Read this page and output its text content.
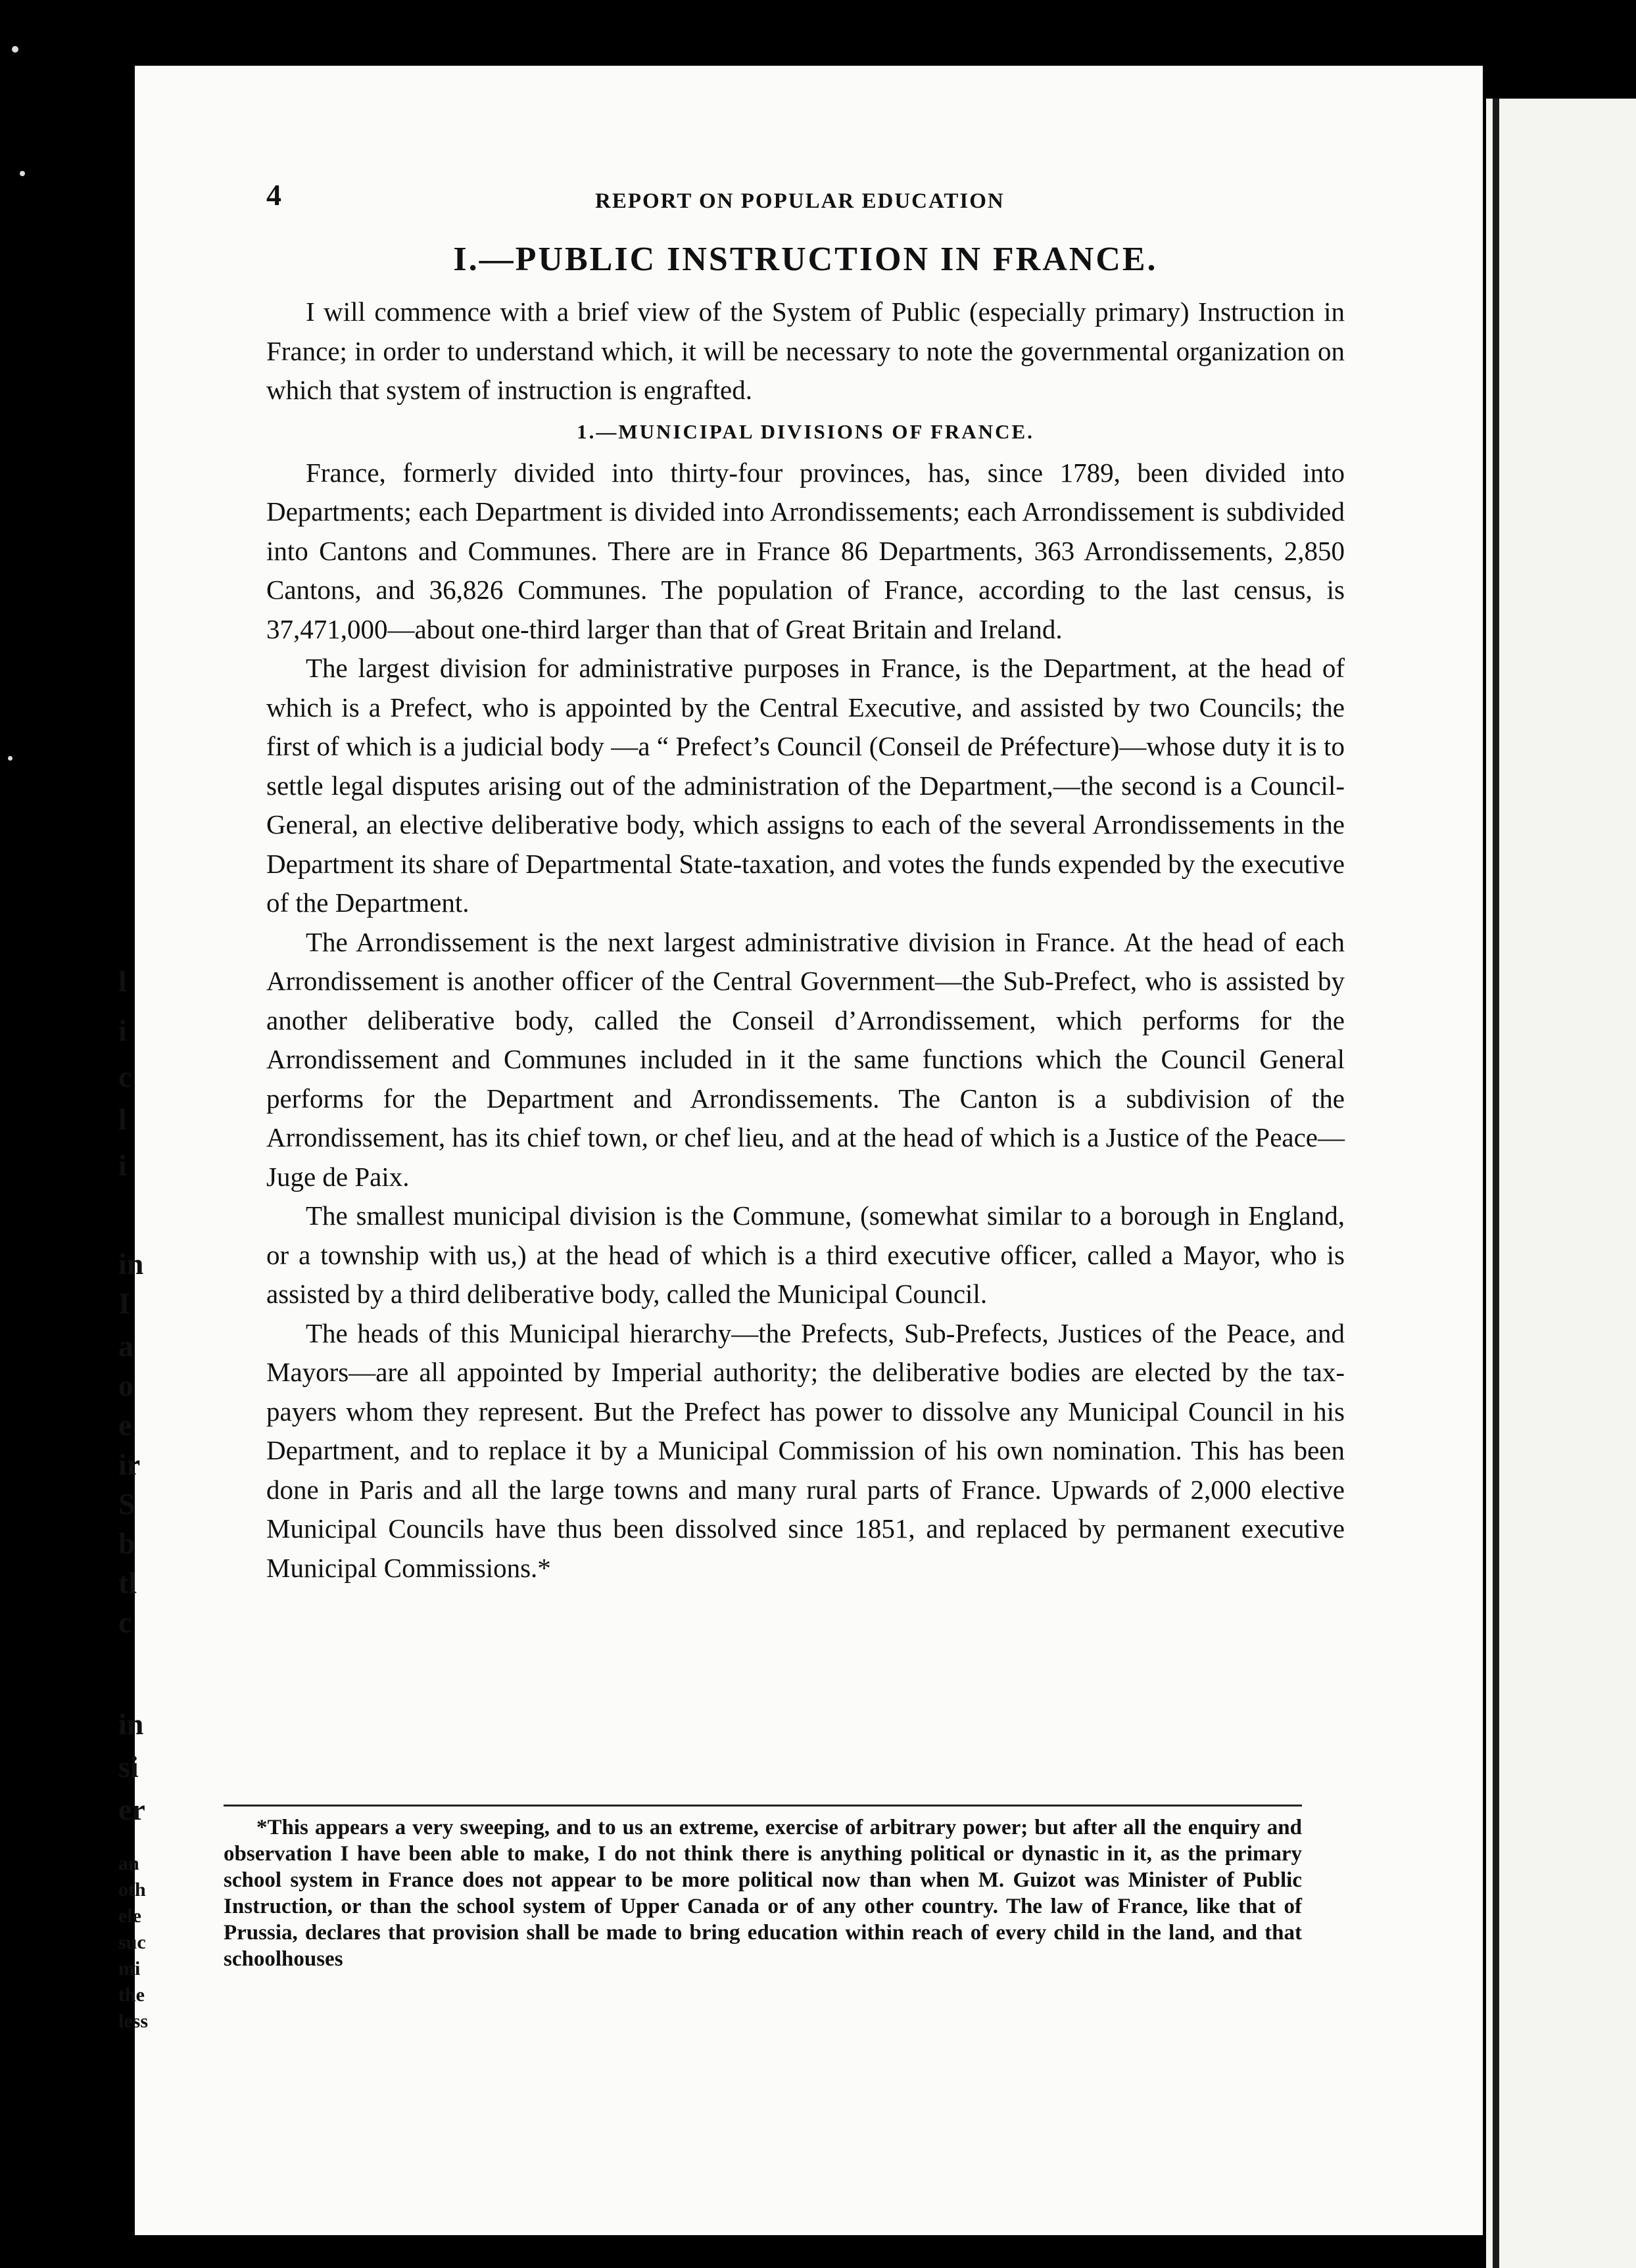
l
i
c
l
i
in
I
a
o
e
ir
S
b
tl
c
in
si
er
an
oth
ele
suc
mi
the
less
4	REPORT ON POPULAR EDUCATION
I.—PUBLIC INSTRUCTION IN FRANCE.

I will commence with a brief view of the System of Public (especially primary) Instruction in France; in order to understand which, it will be necessary to note the governmental organization on which that system of instruction is engrafted.

1.—MUNICIPAL DIVISIONS OF FRANCE.

France, formerly divided into thirty-four provinces, has, since 1789, been divided into Departments; each Department is divided into Arrondissements; each Arrondissement is subdivided into Cantons and Communes. There are in France 86 Departments, 363 Arrondissements, 2,850 Cantons, and 36,826 Communes. The population of France, according to the last census, is 37,471,000—about one-third larger than that of Great Britain and Ireland.

The largest division for administrative purposes in France, is the Department, at the head of which is a Prefect, who is appointed by the Central Executive, and assisted by two Councils; the first of which is a judicial body —a “ Prefect’s Council (Conseil de Préfecture)—whose duty it is to settle legal disputes arising out of the administration of the Department,—the second is a Council-General, an elective deliberative body, which assigns to each of the several Arrondissements in the Department its share of Departmental State-taxation, and votes the funds expended by the executive of the Department.

The Arrondissement is the next largest administrative division in France. At the head of each Arrondissement is another officer of the Central Government—the Sub-Prefect, who is assisted by another deliberative body, called the Conseil d’Arrondissement, which performs for the Arrondissement and Communes included in it the same functions which the Council General performs for the Department and Arrondissements. The Canton is a subdivision of the Arrondissement, has its chief town, or chef lieu, and at the head of which is a Justice of the Peace—Juge de Paix.

The smallest municipal division is the Commune, (somewhat similar to a borough in England, or a township with us,) at the head of which is a third executive officer, called a Mayor, who is assisted by a third deliberative body, called the Municipal Council.

The heads of this Municipal hierarchy—the Prefects, Sub-Prefects, Justices of the Peace, and Mayors—are all appointed by Imperial authority; the deliberative bodies are elected by the tax-payers whom they represent. But the Prefect has power to dissolve any Municipal Council in his Department, and to replace it by a Municipal Commission of his own nomination. This has been done in Paris and all the large towns and many rural parts of France. Upwards of 2,000 elective Municipal Councils have thus been dissolved since 1851, and replaced by permanent executive Municipal Commissions.*

*This appears a very sweeping, and to us an extreme, exercise of arbitrary power; but after all the enquiry and observation I have been able to make, I do not think there is anything political or dynastic in it, as the primary school system in France does not appear to be more political now than when M. Guizot was Minister of Public Instruction, or than the school system of Upper Canada or of any other country. The law of France, like that of Prussia, declares that provision shall be made to bring education within reach of every child in the land, and that schoolhouses
